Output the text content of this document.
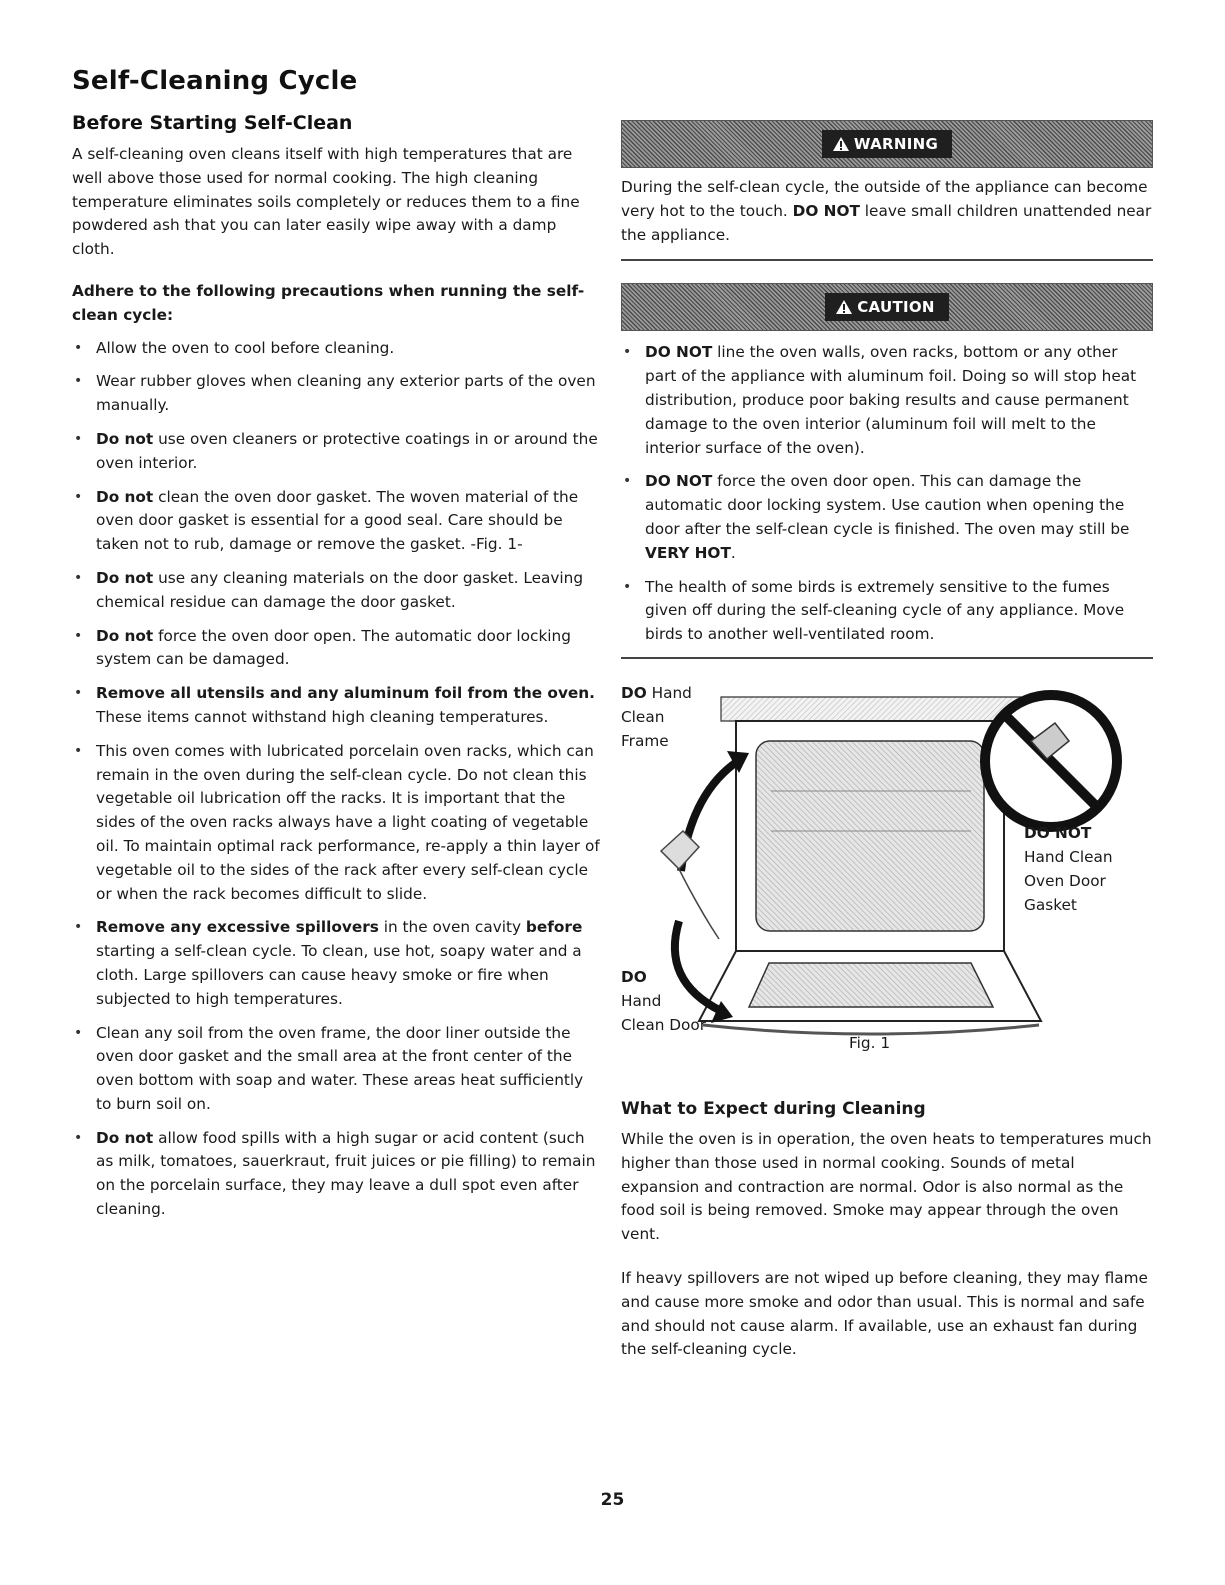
Self-Cleaning Cycle
Before Starting Self-Clean

A self-cleaning oven cleans itself with high temperatures that are well above those used for normal cooking. The high cleaning temperature eliminates soils completely or reduces them to a fine powdered ash that you can later easily wipe away with a damp cloth.

Adhere to the following precautions when running the self-clean cycle:

• Allow the oven to cool before cleaning.
• Wear rubber gloves when cleaning any exterior parts of the oven manually.
• Do not use oven cleaners or protective coatings in or around the oven interior.
• Do not clean the oven door gasket. The woven material of the oven door gasket is essential for a good seal. Care should be taken not to rub, damage or remove the gasket. -Fig. 1-
• Do not use any cleaning materials on the door gasket. Leaving chemical residue can damage the door gasket.
• Do not force the oven door open. The automatic door locking system can be damaged.
• Remove all utensils and any aluminum foil from the oven. These items cannot withstand high cleaning temperatures.
• This oven comes with lubricated porcelain oven racks, which can remain in the oven during the self-clean cycle. Do not clean this vegetable oil lubrication off the racks. It is important that the sides of the oven racks always have a light coating of vegetable oil. To maintain optimal rack performance, re-apply a thin layer of vegetable oil to the sides of the rack after every self-clean cycle or when the rack becomes difficult to slide.
• Remove any excessive spillovers in the oven cavity before starting a self-clean cycle. To clean, use hot, soapy water and a cloth. Large spillovers can cause heavy smoke or fire when subjected to high temperatures.
• Clean any soil from the oven frame, the door liner outside the oven door gasket and the small area at the front center of the oven bottom with soap and water. These areas heat sufficiently to burn soil on.
• Do not allow food spills with a high sugar or acid content (such as milk, tomatoes, sauerkraut, fruit juices or pie filling) to remain on the porcelain surface, they may leave a dull spot even after cleaning.
WARNING

During the self-clean cycle, the outside of the appliance can become very hot to the touch. DO NOT leave small children unattended near the appliance.

CAUTION
• DO NOT line the oven walls, oven racks, bottom or any other part of the appliance with aluminum foil. Doing so will stop heat distribution, produce poor baking results and cause permanent damage to the oven interior (aluminum foil will melt to the interior surface of the oven).
• DO NOT force the oven door open. This can damage the automatic door locking system. Use caution when opening the door after the self-clean cycle is finished. The oven may still be VERY HOT.
• The health of some birds is extremely sensitive to the fumes given off during the self-cleaning cycle of any appliance. Move birds to another well-ventilated room.
DO Hand
Clean
Frame
DO
Hand
Clean Door
DO NOT
Hand Clean
Oven Door
Gasket
Fig. 1
What to Expect during Cleaning

While the oven is in operation, the oven heats to temperatures much higher than those used in normal cooking. Sounds of metal expansion and contraction are normal. Odor is also normal as the food soil is being removed. Smoke may appear through the oven vent.

If heavy spillovers are not wiped up before cleaning, they may flame and cause more smoke and odor than usual. This is normal and safe and should not cause alarm. If available, use an exhaust fan during the self-cleaning cycle.

25
